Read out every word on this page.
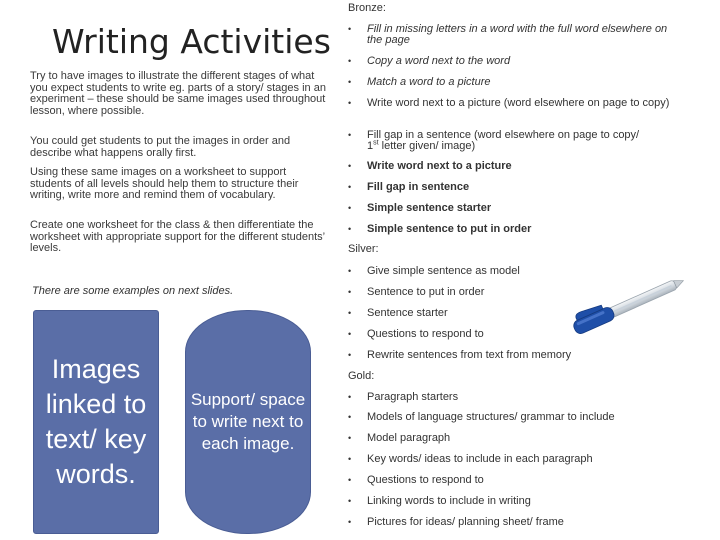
Writing Activities
Try to have images to illustrate the different stages of what you expect students to write eg. parts of a story/ stages in an experiment – these should be same images used throughout lesson, where possible.
You could get students to put the images in order and describe what happens orally first.
Using these same images on a worksheet to support students of all levels should help them to structure their writing, write more and remind them of vocabulary.
Create one worksheet for the class & then differentiate the worksheet with appropriate support for the different students’ levels.
There are some examples on next slides.
Images linked to text/ key words.
Support/ space to write next to each image.
Bronze:
• Fill in missing letters in a word with the full word elsewhere on the page
• Copy a word next to the word
• Match a word to a picture
• Write word next to a picture (word elsewhere on page to copy)
• Fill gap in a sentence (word elsewhere on page to copy/
1st letter given/ image)
• Write word next to a picture
• Fill gap in sentence
• Simple sentence starter
• Simple sentence to put in order
Silver:
• Give simple sentence as model
• Sentence to put in order
• Sentence starter
• Questions to respond to
• Rewrite sentences from text from memory
Gold:
• Paragraph starters
• Models of language structures/ grammar to include
• Model paragraph
• Key words/ ideas to include in each paragraph
• Questions to respond to
• Linking words to include in writing
• Pictures for ideas/ planning sheet/ frame
